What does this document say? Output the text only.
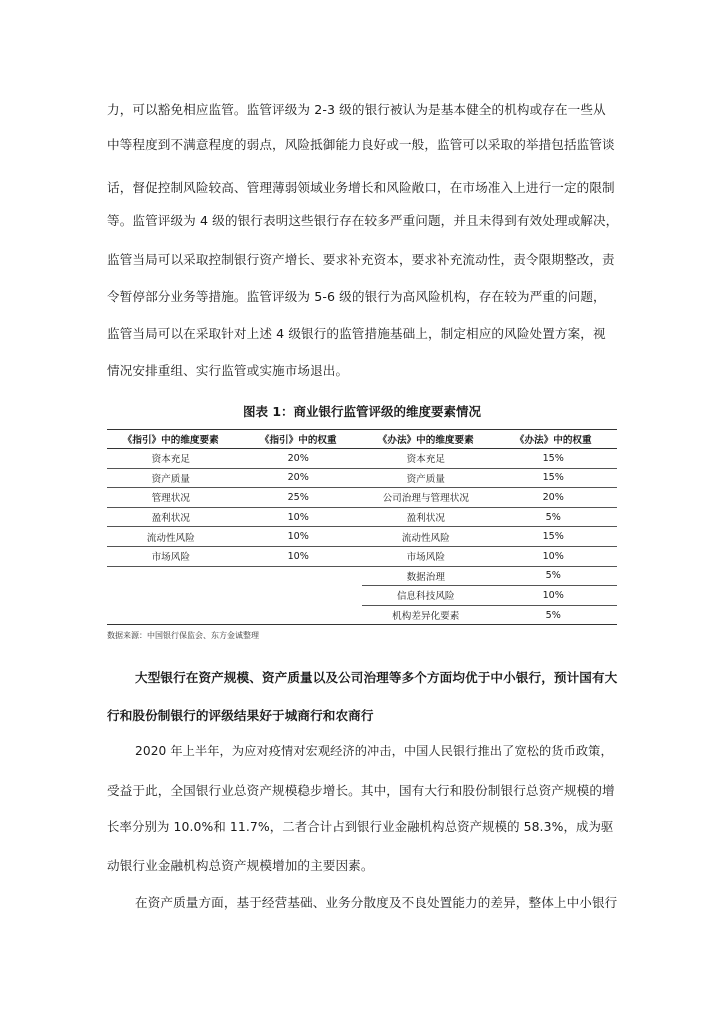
力，可以豁免相应监管。监管评级为 2-3 级的银行被认为是基本健全的机构或存在一些从
中等程度到不满意程度的弱点，风险抵御能力良好或一般，监管可以采取的举措包括监管谈
话，督促控制风险较高、管理薄弱领域业务增长和风险敞口，在市场准入上进行一定的限制
等。监管评级为 4 级的银行表明这些银行存在较多严重问题，并且未得到有效处理或解决，
监管当局可以采取控制银行资产增长、要求补充资本，要求补充流动性，责令限期整改，责
令暂停部分业务等措施。监管评级为 5-6 级的银行为高风险机构，存在较为严重的问题，
监管当局可以在采取针对上述 4 级银行的监管措施基础上，制定相应的风险处置方案，视
情况安排重组、实行监管或实施市场退出。
图表 1：商业银行监管评级的维度要素情况
《指引》中的维度要素	《指引》中的权重	《办法》中的维度要素	《办法》中的权重
资本充足	20%	资本充足	15%
资产质量	20%	资产质量	15%
管理状况	25%	公司治理与管理状况	20%
盈利状况	10%	盈利状况	5%
流动性风险	10%	流动性风险	15%
市场风险	10%	市场风险	10%
		数据治理	5%
		信息科技风险	10%
		机构差异化要素	5%
数据来源：中国银行保监会、东方金诚整理
大型银行在资产规模、资产质量以及公司治理等多个方面均优于中小银行，预计国有大
行和股份制银行的评级结果好于城商行和农商行
2020 年上半年，为应对疫情对宏观经济的冲击，中国人民银行推出了宽松的货币政策，
受益于此，全国银行业总资产规模稳步增长。其中，国有大行和股份制银行总资产规模的增
长率分别为 10.0%和 11.7%，二者合计占到银行业金融机构总资产规模的 58.3%，成为驱
动银行业金融机构总资产规模增加的主要因素。
在资产质量方面，基于经营基础、业务分散度及不良处置能力的差异，整体上中小银行
